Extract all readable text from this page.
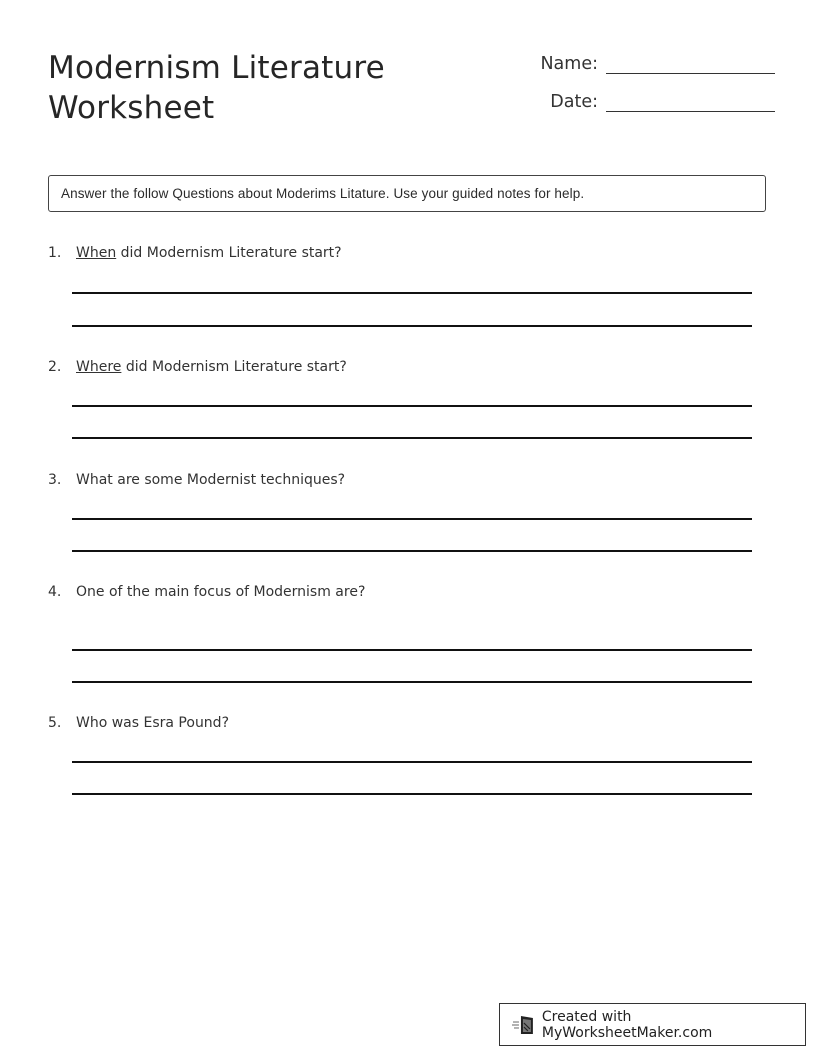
Modernism Literature
Worksheet
Name:
Date:
Answer the follow Questions about Moderims Litature. Use your guided notes for help.
1. When did Modernism Literature start?
2. Where did Modernism Literature start?
3. What are some Modernist techniques?
4. One of the main focus of Modernism are?
5. Who was Esra Pound?
Created with MyWorksheetMaker.com
